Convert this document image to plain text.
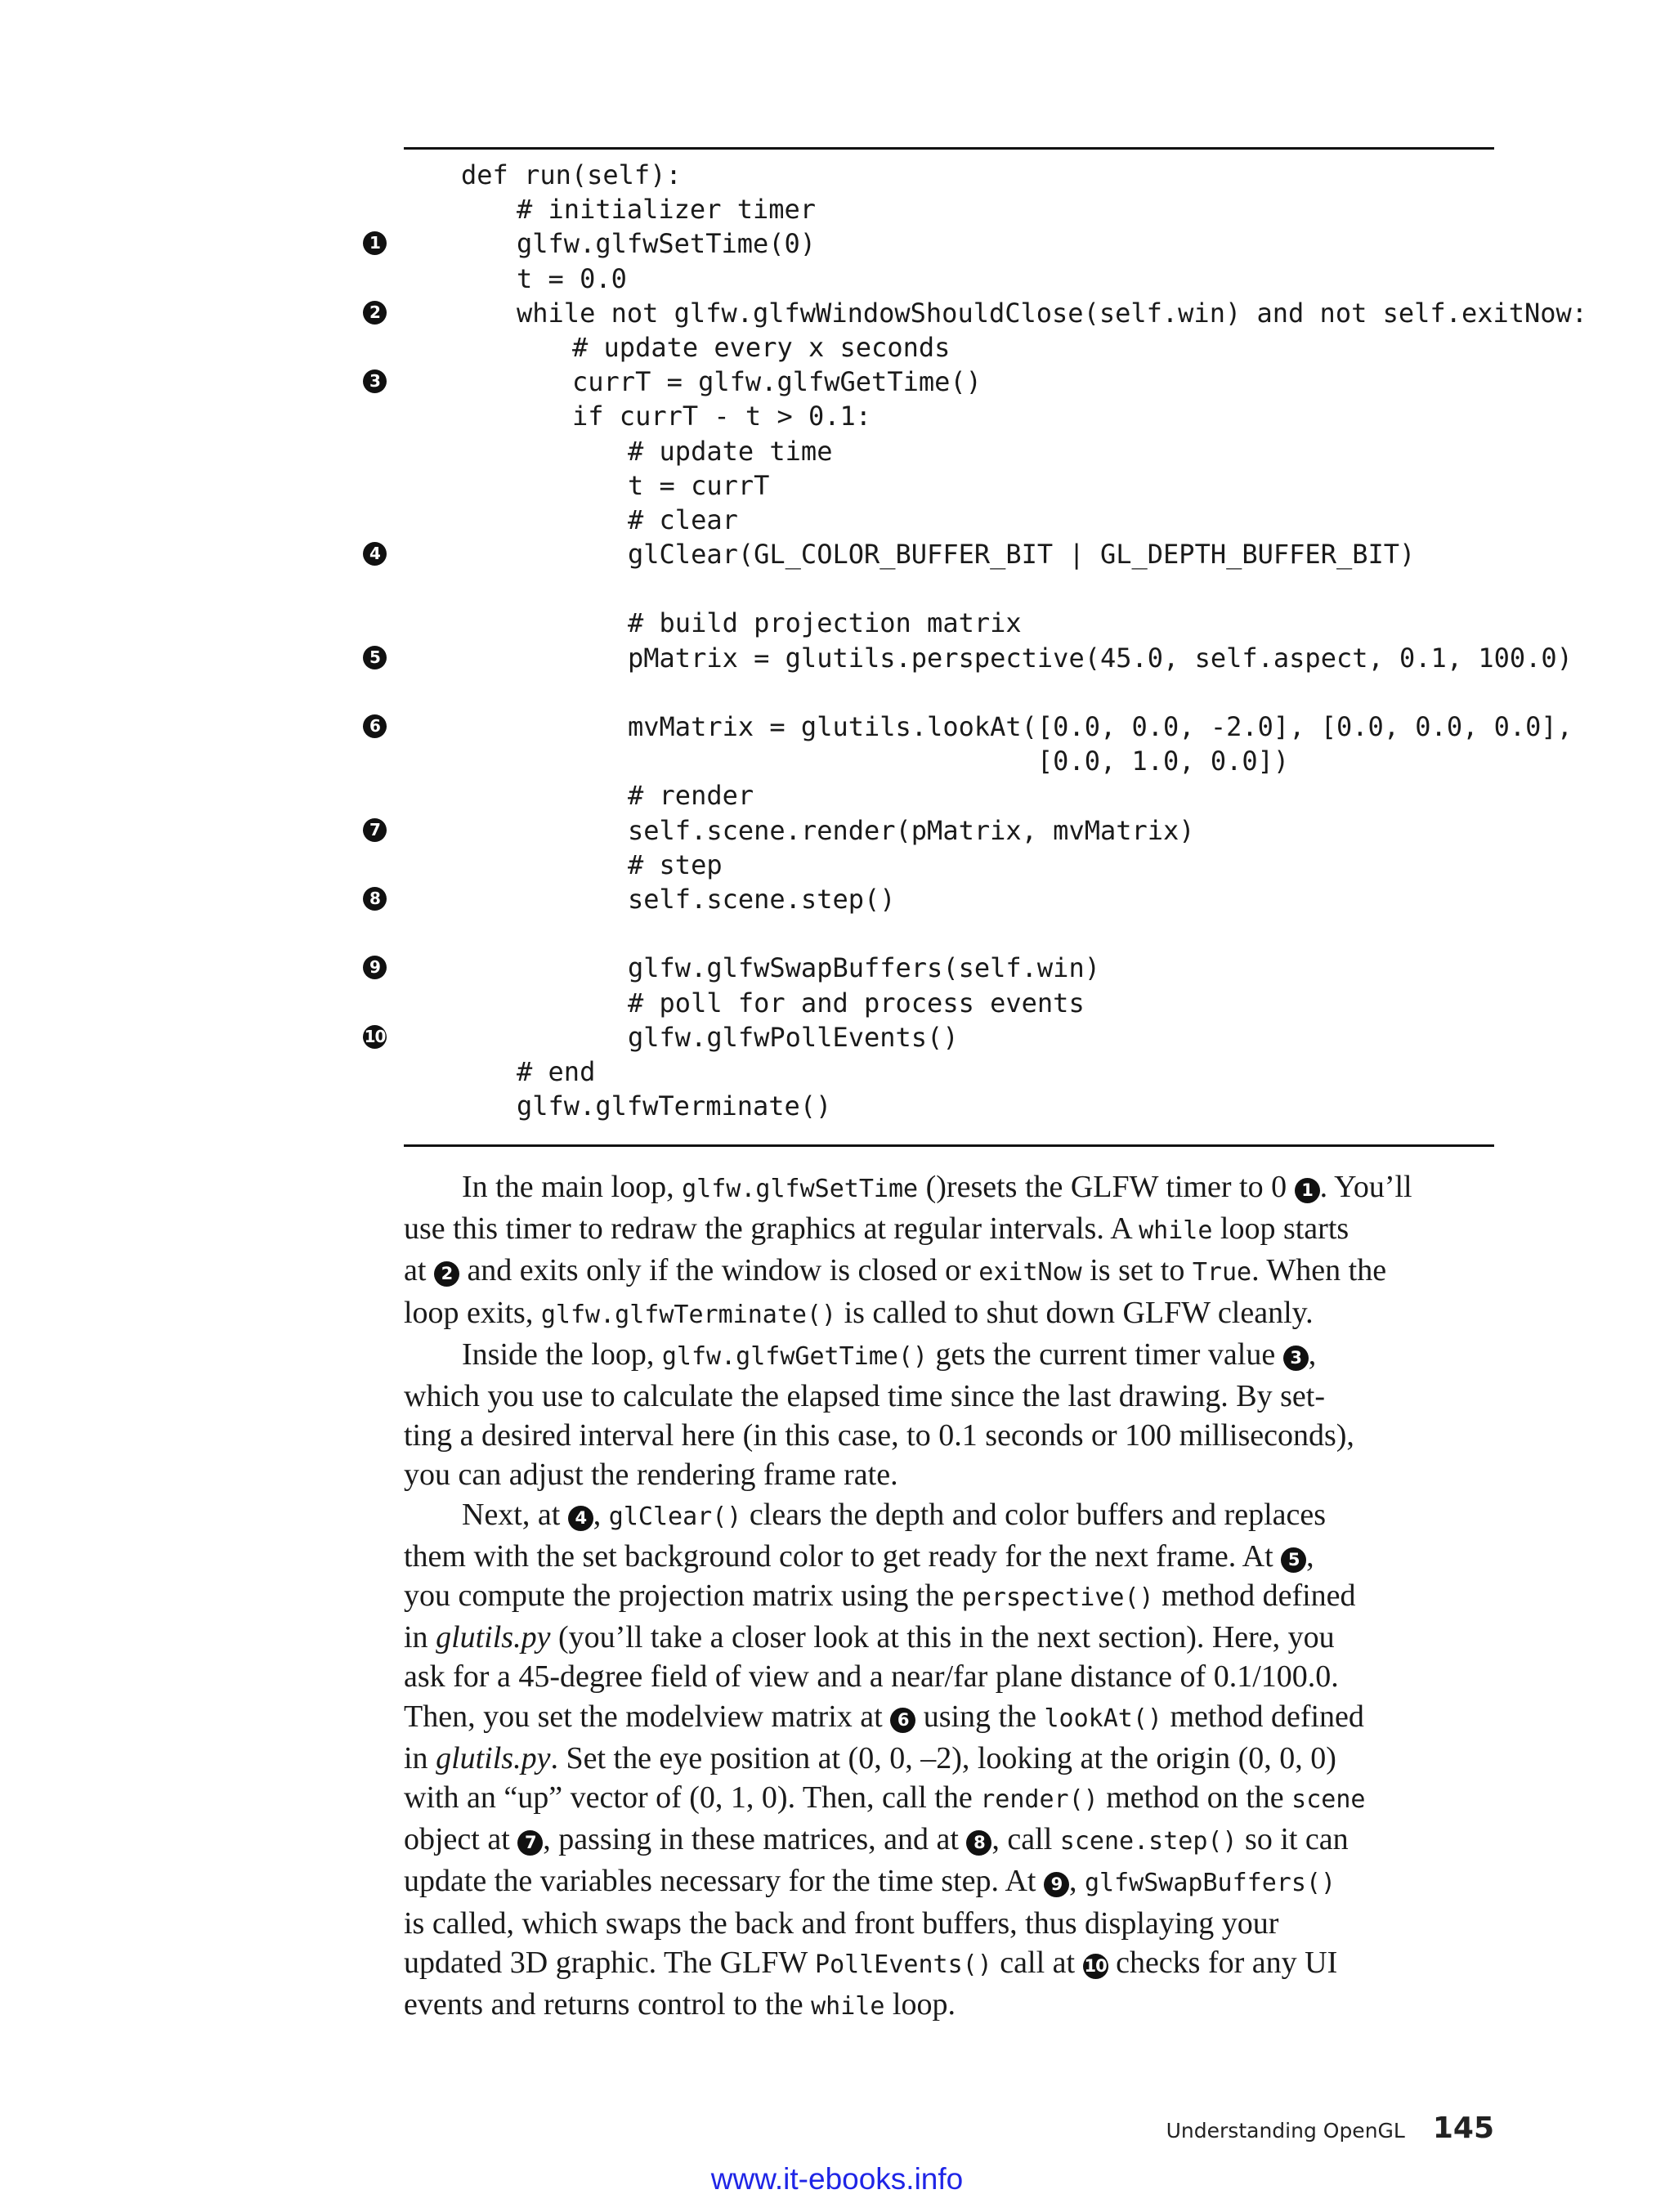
def run(self):
# initializer timer
1	glfw.glfwSetTime(0)
t = 0.0
2	while not glfw.glfwWindowShouldClose(self.win) and not self.exitNow:
# update every x seconds
3	currT = glfw.glfwGetTime()
if currT - t > 0.1:
# update time
t = currT
# clear
4	glClear(GL_COLOR_BUFFER_BIT | GL_DEPTH_BUFFER_BIT)
# build projection matrix
5	pMatrix = glutils.perspective(45.0, self.aspect, 0.1, 100.0)
6	mvMatrix = glutils.lookAt([0.0, 0.0, -2.0], [0.0, 0.0, 0.0],
[0.0, 1.0, 0.0])
# render
7	self.scene.render(pMatrix, mvMatrix)
# step
8	self.scene.step()
9	glfw.glfwSwapBuffers(self.win)
# poll for and process events
10	glfw.glfwPollEvents()
# end
glfw.glfwTerminate()
In the main loop, glfw.glfwSetTime ()resets the GLFW timer to 0 1 . You’ll
use this timer to redraw the graphics at regular intervals. A while loop starts
at 2 and exits only if the window is closed or exitNow is set to True. When the
loop exits, glfw.glfwTerminate() is called to shut down GLFW cleanly.
Inside the loop, glfw.glfwGetTime() gets the current timer value 3 ,
which you use to calculate the elapsed time since the last drawing. By set-
ting a desired interval here (in this case, to 0.1 seconds or 100 milliseconds),
you can adjust the rendering frame rate.
Next, at 4 , glClear() clears the depth and color buffers and replaces
them with the set background color to get ready for the next frame. At 5 ,
you compute the projection matrix using the perspective() method defined
in glutils.py (you’ll take a closer look at this in the next section). Here, you
ask for a 45-degree field of view and a near/far plane distance of 0.1/100.0.
Then, you set the modelview matrix at 6 using the lookAt() method defined
in glutils.py. Set the eye position at (0, 0, –2), looking at the origin (0, 0, 0)
with an “up” vector of (0, 1, 0). Then, call the render() method on the scene
object at 7 , passing in these matrices, and at 8 , call scene.step() so it can
update the variables necessary for the time step. At 9 , glfwSwapBuffers()
is called, which swaps the back and front buffers, thus displaying your
updated 3D graphic. The GLFW PollEvents() call at 10 checks for any UI
events and returns control to the while loop.
Understanding OpenGL 145
www.it-ebooks.info
